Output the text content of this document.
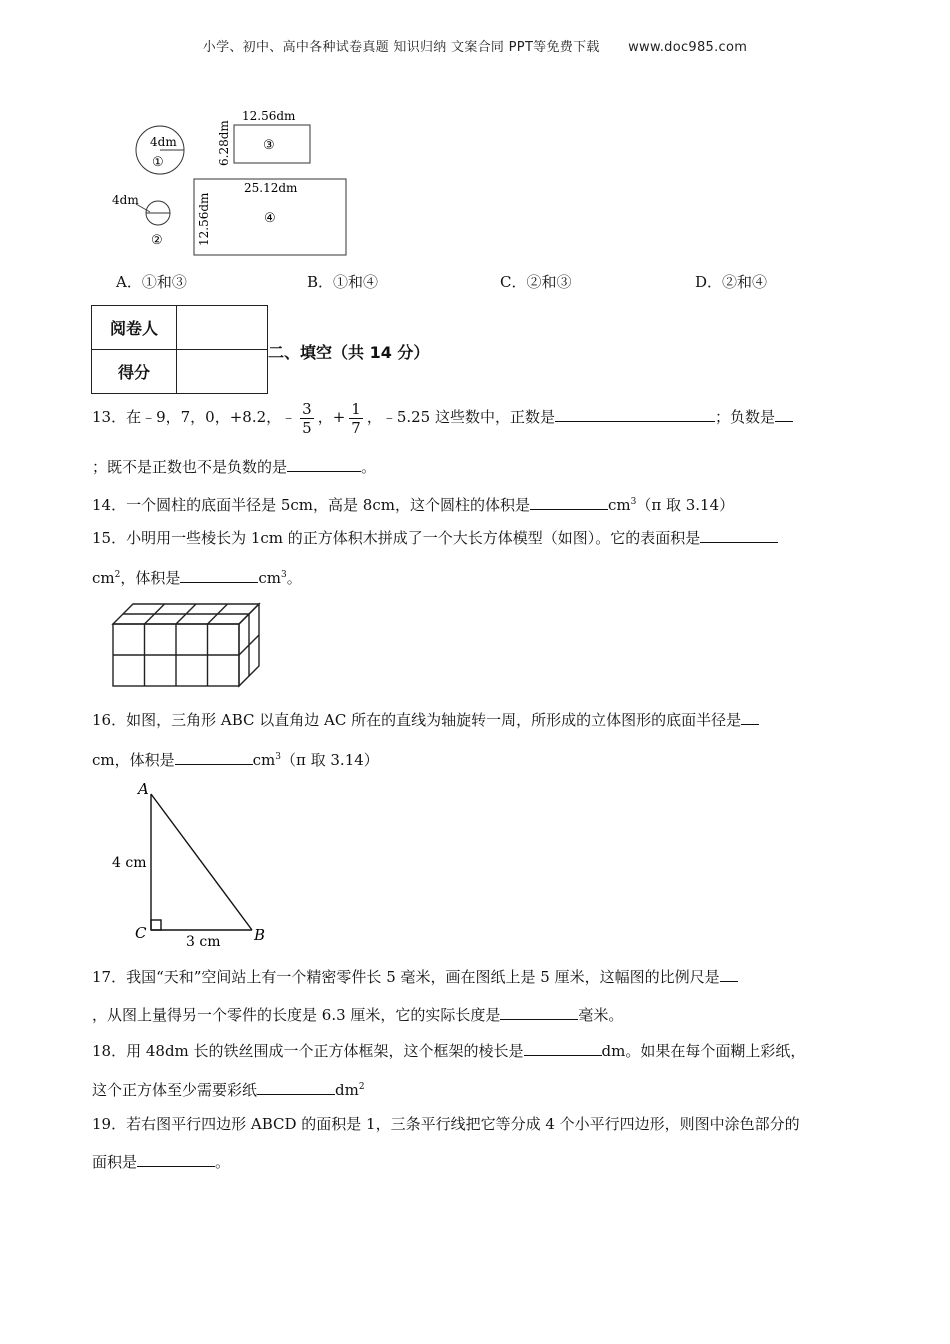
小学、初中、高中各种试卷真题 知识归纳 文案合同 PPT等免费下载 www.doc985.com
4dm
①
4dm
②
12.56dm
6.28dm ③
25.12dm
12.56dm	④
A．①和③	B．①和④	C．②和③	D．②和④
阅卷人	
得分	
二、填空（共 14 分）
13．在﹣9，7，0，+8.2，﹣ $\frac{3}{5}$ ，+ $\frac{1}{7}$ ，﹣5.25 这些数中，正数是	；负数是
；既不是正数也不是负数的是	。
14．一个圆柱的底面半径是 5cm，高是 8cm，这个圆柱的体积是	$cm^3(\pi$ 取 3.14）
15．小明用一些棱长为 1cm 的正方体积木拼成了一个大长方体模型（如图）。它的表面积是
$cm^2$，体积是	$cm^3$。
16．如图，三角形 ABC 以直角边 AC 所在的直线为轴旋转一周，所形成的立体图形的底面半径是
cm，体积是	$cm^3(\pi$ 取 3.14）
A
B
C
4 cm
3 cm
17．我国“天和”空间站上有一个精密零件长 5 毫米，画在图纸上是 5 厘米，这幅图的比例尺是
，从图上量得另一个零件的长度是 6.3 厘米，它的实际长度是	毫米。
18．用 48dm 长的铁丝围成一个正方体框架，这个框架的棱长是	dm。如果在每个面糊上彩纸，
这个正方体至少需要彩纸	$dm^2$
19．若右图平行四边形 ABCD 的面积是 1，三条平行线把它等分成 4 个小平行四边形，则图中涂色部分的
面积是	。
